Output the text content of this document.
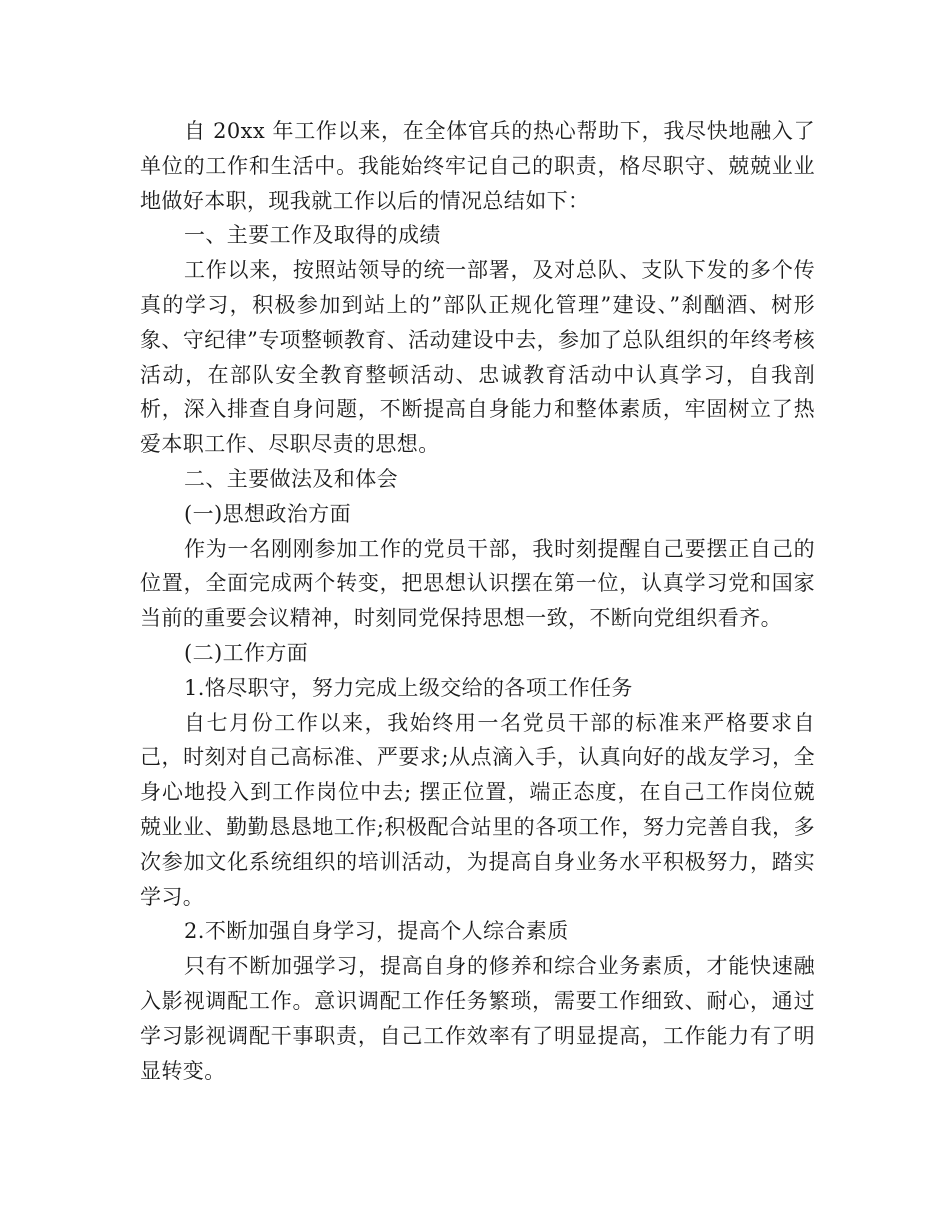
自 20xx 年工作以来，在全体官兵的热心帮助下，我尽快地融入了单位的工作和生活中。我能始终牢记自己的职责，格尽职守、兢兢业业地做好本职，现我就工作以后的情况总结如下：

一、主要工作及取得的成绩

工作以来，按照站领导的统一部署，及对总队、支队下发的多个传真的学习，积极参加到站上的”部队正规化管理”建设、”刹酗酒、树形象、守纪律”专项整顿教育、活动建设中去，参加了总队组织的年终考核活动，在部队安全教育整顿活动、忠诚教育活动中认真学习，自我剖析，深入排查自身问题，不断提高自身能力和整体素质，牢固树立了热爱本职工作、尽职尽责的思想。

二、主要做法及和体会

(一)思想政治方面

作为一名刚刚参加工作的党员干部，我时刻提醒自己要摆正自己的位置，全面完成两个转变，把思想认识摆在第一位，认真学习党和国家当前的重要会议精神，时刻同党保持思想一致，不断向党组织看齐。

(二)工作方面

1.恪尽职守，努力完成上级交给的各项工作任务

自七月份工作以来，我始终用一名党员干部的标准来严格要求自己，时刻对自己高标准、严要求;从点滴入手，认真向好的战友学习，全身心地投入到工作岗位中去; 摆正位置，端正态度，在自己工作岗位兢兢业业、勤勤恳恳地工作;积极配合站里的各项工作，努力完善自我，多次参加文化系统组织的培训活动，为提高自身业务水平积极努力，踏实学习。

2.不断加强自身学习，提高个人综合素质

只有不断加强学习，提高自身的修养和综合业务素质，才能快速融入影视调配工作。意识调配工作任务繁琐，需要工作细致、耐心，通过学习影视调配干事职责，自己工作效率有了明显提高，工作能力有了明显转变。
